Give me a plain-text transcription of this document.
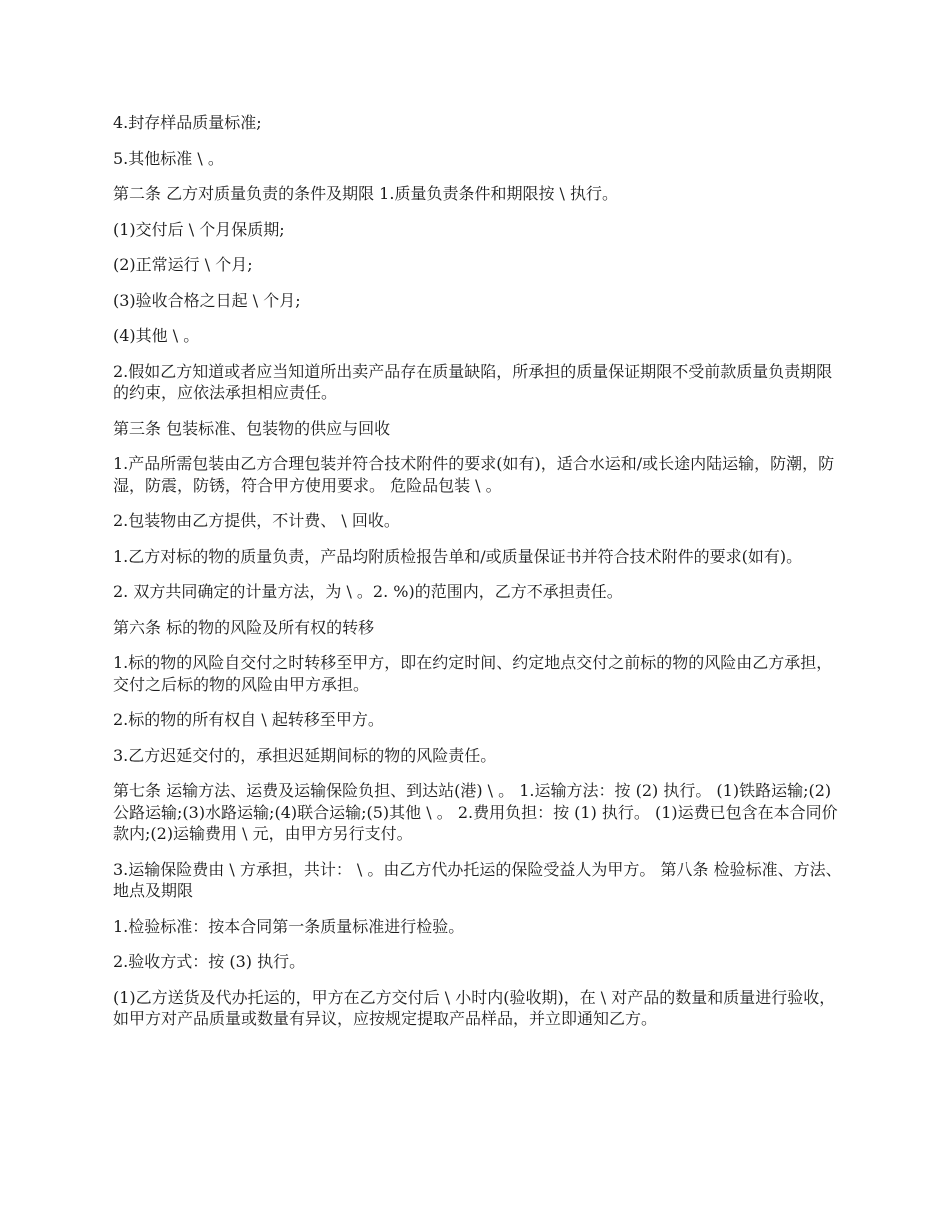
4.封存样品质量标准;

5.其他标准 \ 。

第二条 乙方对质量负责的条件及期限 1.质量负责条件和期限按 \ 执行。

(1)交付后 \ 个月保质期;

(2)正常运行 \ 个月;

(3)验收合格之日起 \ 个月;

(4)其他 \ 。

2.假如乙方知道或者应当知道所出卖产品存在质量缺陷，所承担的质量保证期限不受前款质量负责期限的约束，应依法承担相应责任。

第三条 包装标准、包装物的供应与回收

1.产品所需包装由乙方合理包装并符合技术附件的要求(如有)，适合水运和/或长途内陆运输，防潮，防湿，防震，防锈，符合甲方使用要求。 危险品包装 \ 。

2.包装物由乙方提供，不计费、 \ 回收。

1.乙方对标的物的质量负责，产品均附质检报告单和/或质量保证书并符合技术附件的要求(如有)。

2. 双方共同确定的计量方法，为 \ 。2. %)的范围内，乙方不承担责任。

第六条 标的物的风险及所有权的转移

1.标的物的风险自交付之时转移至甲方，即在约定时间、约定地点交付之前标的物的风险由乙方承担，交付之后标的物的风险由甲方承担。

2.标的物的所有权自 \ 起转移至甲方。

3.乙方迟延交付的，承担迟延期间标的物的风险责任。

第七条 运输方法、运费及运输保险负担、到达站(港) \ 。 1.运输方法：按 (2) 执行。 (1)铁路运输;(2)公路运输;(3)水路运输;(4)联合运输;(5)其他 \ 。 2.费用负担：按 (1) 执行。 (1)运费已包含在本合同价款内;(2)运输费用 \ 元，由甲方另行支付。

3.运输保险费由 \ 方承担，共计： \ 。由乙方代办托运的保险受益人为甲方。 第八条 检验标准、方法、地点及期限

1.检验标准：按本合同第一条质量标准进行检验。

2.验收方式：按 (3) 执行。

(1)乙方送货及代办托运的，甲方在乙方交付后 \ 小时内(验收期)，在 \ 对产品的数量和质量进行验收，如甲方对产品质量或数量有异议，应按规定提取产品样品，并立即通知乙方。
